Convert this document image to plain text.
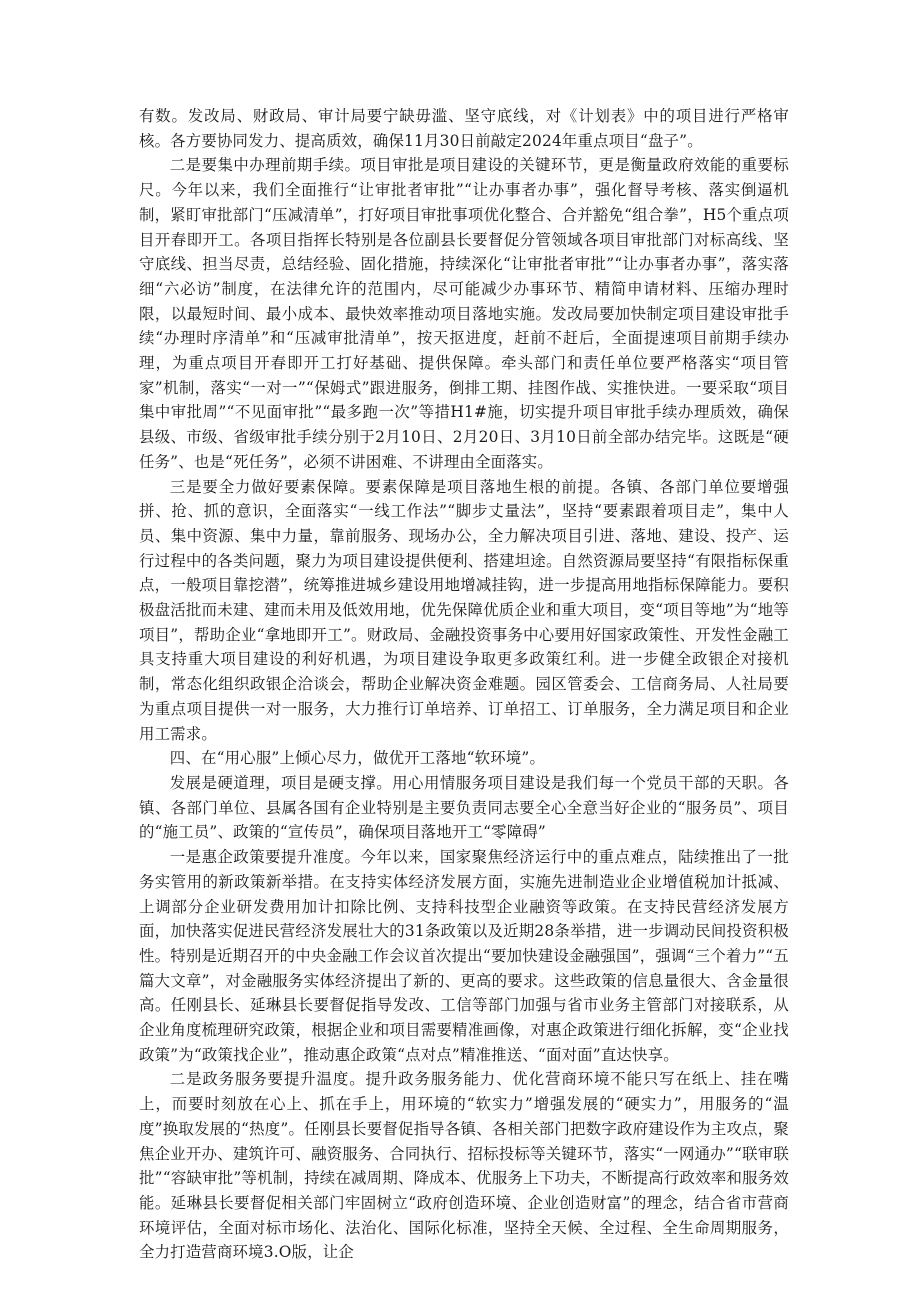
有数。发改局、财政局、审计局要宁缺毋滥、坚守底线，对《计划表》中的项目进行严格审核。各方要协同发力、提高质效，确保11月30日前敲定2024年重点项目“盘子”。

二是要集中办理前期手续。项目审批是项目建设的关键环节，更是衡量政府效能的重要标尺。今年以来，我们全面推行“让审批者审批”“让办事者办事”，强化督导考核、落实倒逼机制，紧盯审批部门“压减清单”，打好项目审批事项优化整合、合并豁免“组合拳”，H5个重点项目开春即开工。各项目指挥长特别是各位副县长要督促分管领域各项目审批部门对标高线、坚守底线、担当尽责，总结经验、固化措施，持续深化“让审批者审批”“让办事者办事”，落实落细“六必访”制度，在法律允许的范围内，尽可能减少办事环节、精简申请材料、压缩办理时限，以最短时间、最小成本、最快效率推动项目落地实施。发改局要加快制定项目建设审批手续“办理时序清单”和“压减审批清单”，按天抠进度，赶前不赶后，全面提速项目前期手续办理，为重点项目开春即开工打好基础、提供保障。牵头部门和责任单位要严格落实“项目管家”机制，落实“一对一”“保姆式”跟进服务，倒排工期、挂图作战、实推快进。一要采取“项目集中审批周”“不见面审批”“最多跑一次”等措H1#施，切实提升项目审批手续办理质效，确保县级、市级、省级审批手续分别于2月10日、2月20日、3月10日前全部办结完毕。这既是“硬任务”、也是“死任务”，必须不讲困难、不讲理由全面落实。

三是要全力做好要素保障。要素保障是项目落地生根的前提。各镇、各部门单位要增强拼、抢、抓的意识，全面落实“一线工作法”“脚步丈量法”，坚持“要素跟着项目走”，集中人员、集中资源、集中力量，靠前服务、现场办公，全力解决项目引进、落地、建设、投产、运行过程中的各类问题，聚力为项目建设提供便利、搭建坦途。自然资源局要坚持“有限指标保重点，一般项目靠挖潜”，统筹推进城乡建设用地增减挂钩，进一步提高用地指标保障能力。要积极盘活批而未建、建而未用及低效用地，优先保障优质企业和重大项目，变“项目等地”为“地等项目”，帮助企业“拿地即开工”。财政局、金融投资事务中心要用好国家政策性、开发性金融工具支持重大项目建设的利好机遇，为项目建设争取更多政策红利。进一步健全政银企对接机制，常态化组织政银企洽谈会，帮助企业解决资金难题。园区管委会、工信商务局、人社局要为重点项目提供一对一服务，大力推行订单培养、订单招工、订单服务，全力满足项目和企业用工需求。

四、在“用心服”上倾心尽力，做优开工落地“软环境”。

发展是硬道理，项目是硬支撑。用心用情服务项目建设是我们每一个党员干部的天职。各镇、各部门单位、县属各国有企业特别是主要负责同志要全心全意当好企业的“服务员”、项目的“施工员”、政策的“宣传员”，确保项目落地开工“零障碍”

一是惠企政策要提升准度。今年以来，国家聚焦经济运行中的重点难点，陆续推出了一批务实管用的新政策新举措。在支持实体经济发展方面，实施先进制造业企业增值税加计抵减、上调部分企业研发费用加计扣除比例、支持科技型企业融资等政策。在支持民营经济发展方面，加快落实促进民营经济发展壮大的31条政策以及近期28条举措，进一步调动民间投资积极性。特别是近期召开的中央金融工作会议首次提出“要加快建设金融强国”，强调“三个着力”“五篇大文章”，对金融服务实体经济提出了新的、更高的要求。这些政策的信息量很大、含金量很高。任刚县长、延琳县长要督促指导发改、工信等部门加强与省市业务主管部门对接联系，从企业角度梳理研究政策，根据企业和项目需要精准画像，对惠企政策进行细化拆解，变“企业找政策”为“政策找企业”，推动惠企政策“点对点”精准推送、“面对面”直达快享。

二是政务服务要提升温度。提升政务服务能力、优化营商环境不能只写在纸上、挂在嘴上，而要时刻放在心上、抓在手上，用环境的“软实力”增强发展的“硬实力”，用服务的“温度”换取发展的“热度”。任刚县长要督促指导各镇、各相关部门把数字政府建设作为主攻点，聚焦企业开办、建筑许可、融资服务、合同执行、招标投标等关键环节，落实“一网通办”“联审联批”“容缺审批”等机制，持续在减周期、降成本、优服务上下功夫，不断提高行政效率和服务效能。延琳县长要督促相关部门牢固树立“政府创造环境、企业创造财富”的理念，结合省市营商环境评估，全面对标市场化、法治化、国际化标准，坚持全天候、全过程、全生命周期服务，全力打造营商环境3.O版，让企
